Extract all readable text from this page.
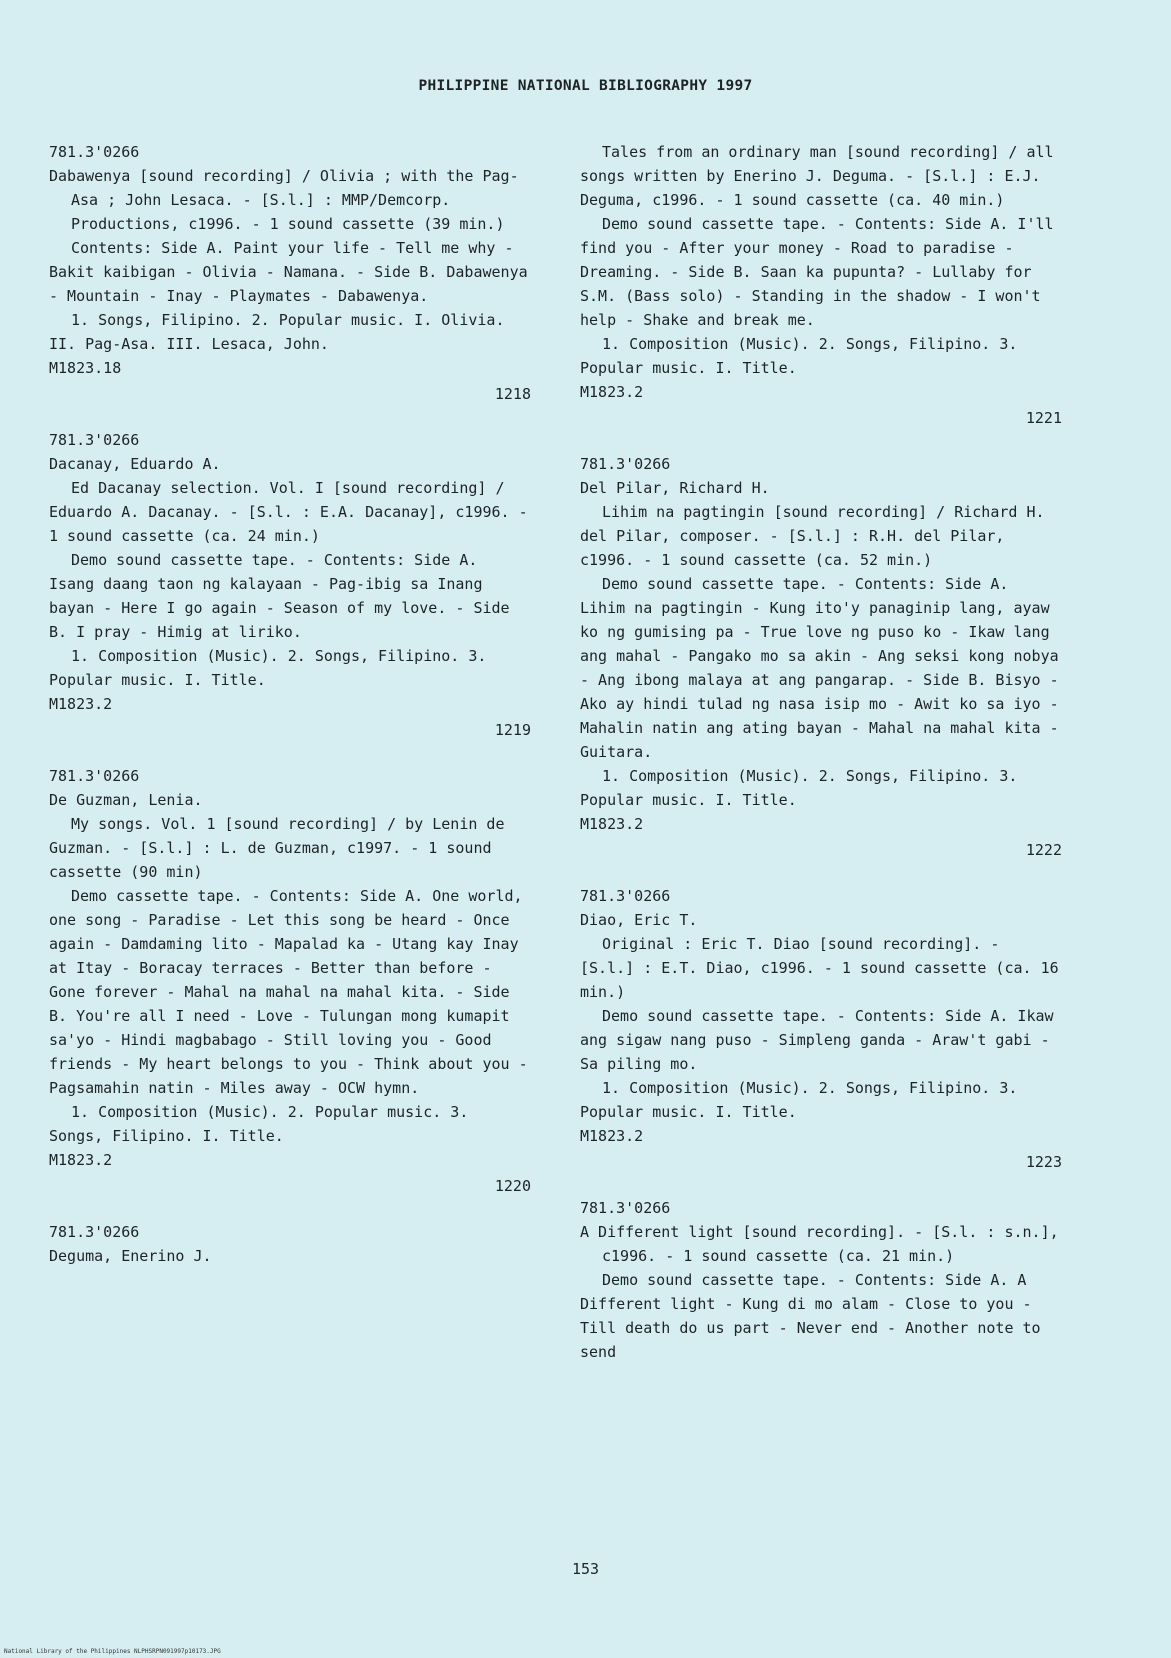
PHILIPPINE NATIONAL BIBLIOGRAPHY 1997

781.3'0266

Dabawenya [sound recording] / Olivia ; with the Pag-Asa ; John Lesaca. - [S.l.] : MMP/Demcorp. Productions, c1996. - 1 sound cassette (39 min.)

Contents: Side A. Paint your life - Tell me why - Bakit kaibigan - Olivia - Namana. - Side B. Dabawenya - Mountain - Inay - Playmates - Dabawenya.

1. Songs, Filipino. 2. Popular music. I. Olivia. II. Pag-Asa. III. Lesaca, John.

M1823.18

1218

781.3'0266

Dacanay, Eduardo A.

Ed Dacanay selection. Vol. I [sound recording] / Eduardo A. Dacanay. - [S.l. : E.A. Dacanay], c1996. - 1 sound cassette (ca. 24 min.)

Demo sound cassette tape. - Contents: Side A. Isang daang taon ng kalayaan - Pag-ibig sa Inang bayan - Here I go again - Season of my love. - Side B. I pray - Himig at liriko.

1. Composition (Music). 2. Songs, Filipino. 3. Popular music. I. Title.

M1823.2

1219

781.3'0266

De Guzman, Lenia.

My songs. Vol. 1 [sound recording] / by Lenin de Guzman. - [S.l.] : L. de Guzman, c1997. - 1 sound cassette (90 min)

Demo cassette tape. - Contents: Side A. One world, one song - Paradise - Let this song be heard - Once again - Damdaming lito - Mapalad ka - Utang kay Inay at Itay - Boracay terraces - Better than before - Gone forever - Mahal na mahal na mahal kita. - Side B. You're all I need - Love - Tulungan mong kumapit sa'yo - Hindi magbabago - Still loving you - Good friends - My heart belongs to you - Think about you - Pagsamahin natin - Miles away - OCW hymn.

1. Composition (Music). 2. Popular music. 3. Songs, Filipino. I. Title.

M1823.2

1220

781.3'0266

Deguma, Enerino J.

Tales from an ordinary man [sound recording] / all songs written by Enerino J. Deguma. - [S.l.] : E.J. Deguma, c1996. - 1 sound cassette (ca. 40 min.)

Demo sound cassette tape. - Contents: Side A. I'll find you - After your money - Road to paradise - Dreaming. - Side B. Saan ka pupunta? - Lullaby for S.M. (Bass solo) - Standing in the shadow - I won't help - Shake and break me.

1. Composition (Music). 2. Songs, Filipino. 3. Popular music. I. Title.

M1823.2

1221

781.3'0266

Del Pilar, Richard H.

Lihim na pagtingin [sound recording] / Richard H. del Pilar, composer. - [S.l.] : R.H. del Pilar, c1996. - 1 sound cassette (ca. 52 min.)

Demo sound cassette tape. - Contents: Side A. Lihim na pagtingin - Kung ito'y panaginip lang, ayaw ko ng gumising pa - True love ng puso ko - Ikaw lang ang mahal - Pangako mo sa akin - Ang seksi kong nobya - Ang ibong malaya at ang pangarap. - Side B. Bisyo - Ako ay hindi tulad ng nasa isip mo - Awit ko sa iyo - Mahalin natin ang ating bayan - Mahal na mahal kita - Guitara.

1. Composition (Music). 2. Songs, Filipino. 3. Popular music. I. Title.

M1823.2

1222

781.3'0266

Diao, Eric T.

Original : Eric T. Diao [sound recording]. - [S.l.] : E.T. Diao, c1996. - 1 sound cassette (ca. 16 min.)

Demo sound cassette tape. - Contents: Side A. Ikaw ang sigaw nang puso - Simpleng ganda - Araw't gabi - Sa piling mo.

1. Composition (Music). 2. Songs, Filipino. 3. Popular music. I. Title.

M1823.2

1223

781.3'0266

A Different light [sound recording]. - [S.l. : s.n.], c1996. - 1 sound cassette (ca. 21 min.)

Demo sound cassette tape. - Contents: Side A. A Different light - Kung di mo alam - Close to you - Till death do us part - Never end - Another note to send

153
National Library of the Philippines NLPHSRPN091997p10173.JPG
